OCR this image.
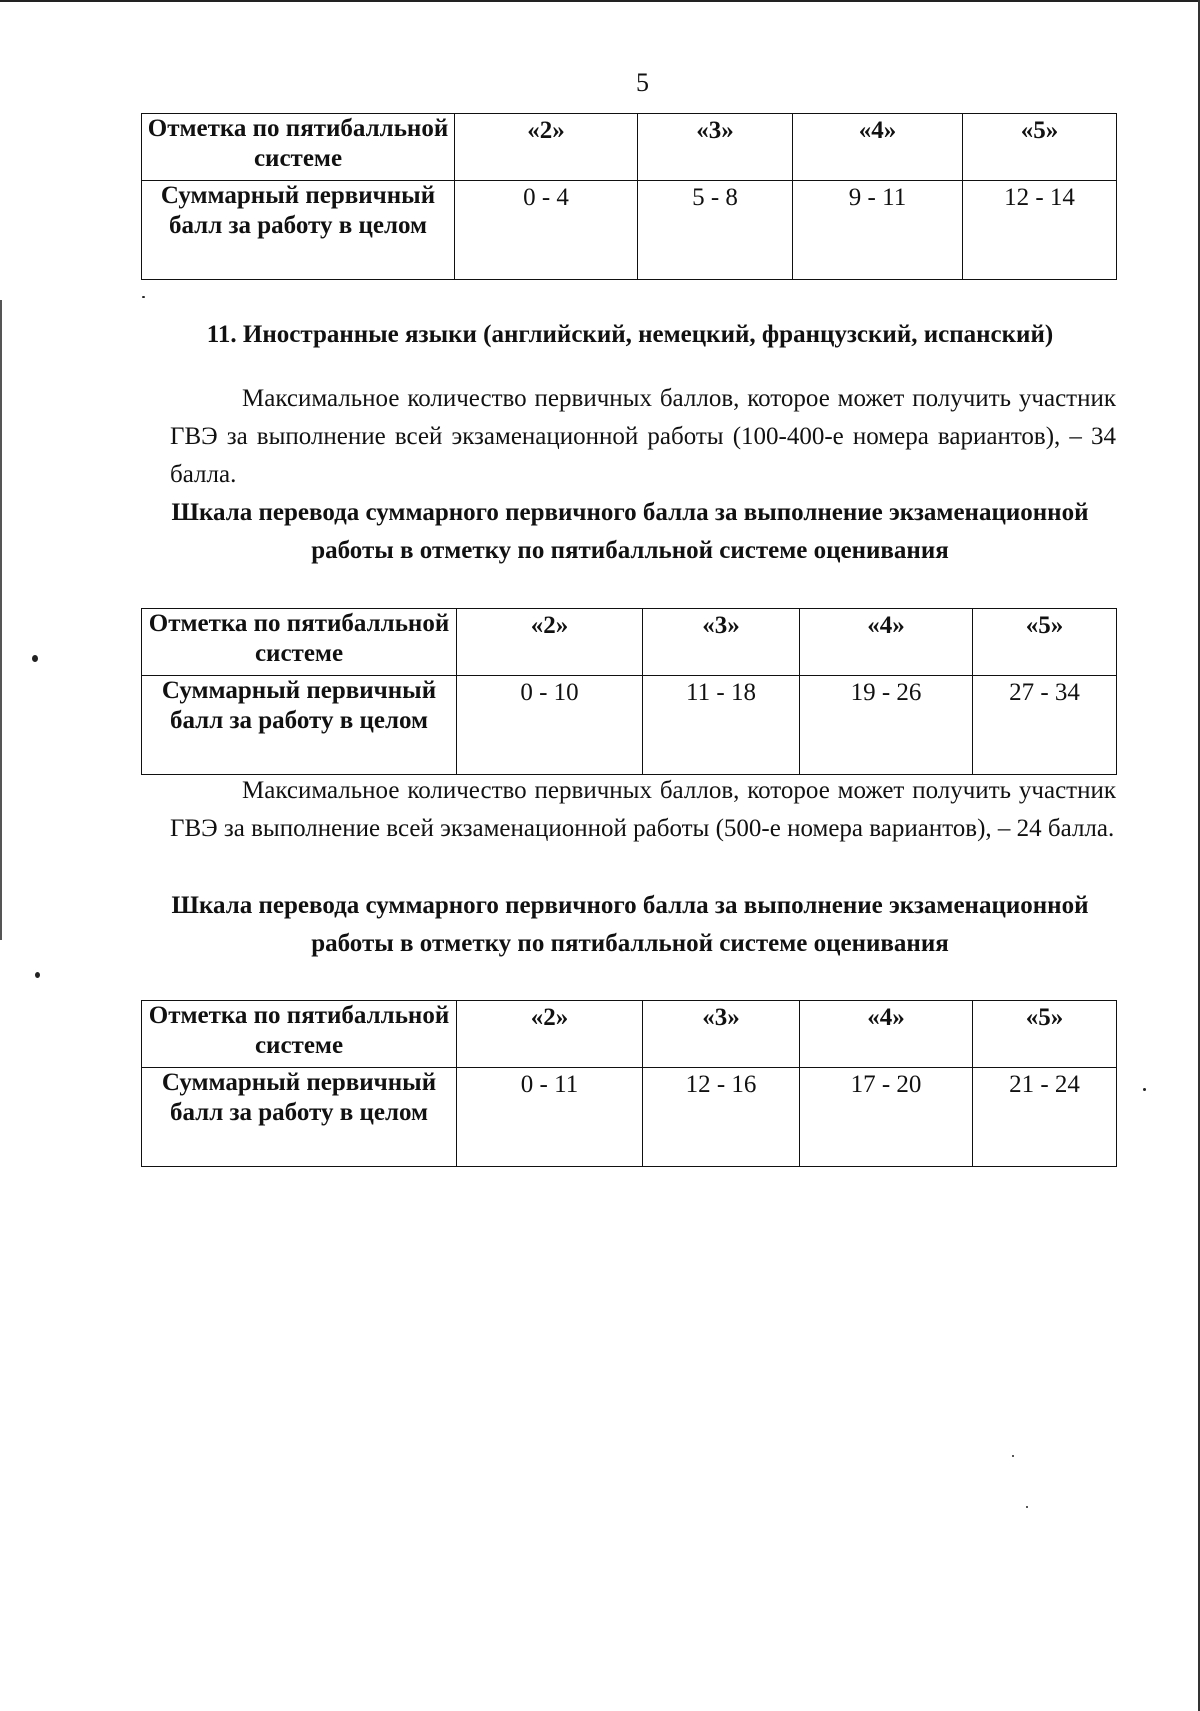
5
Отметка по пятибалльной системе	«2»	«3»	«4»	«5»
Суммарный первичный балл за работу в целом	0 - 4	5 - 8	9 - 11	12 - 14
11. Иностранные языки (английский, немецкий, французский, испанский)
Максимальное количество первичных баллов, которое может получить участник ГВЭ за выполнение всей экзаменационной работы (100-400-е номера вариантов), – 34 балла.
Шкала перевода суммарного первичного балла за выполнение экзаменационной работы в отметку по пятибалльной системе оценивания
Отметка по пятибалльной системе	«2»	«3»	«4»	«5»
Суммарный первичный балл за работу в целом	0 - 10	11 - 18	19 - 26	27 - 34
Максимальное количество первичных баллов, которое может получить участник ГВЭ за выполнение всей экзаменационной работы (500-е номера вариантов), – 24 балла.
Шкала перевода суммарного первичного балла за выполнение экзаменационной работы в отметку по пятибалльной системе оценивания
Отметка по пятибалльной системе	«2»	«3»	«4»	«5»
Суммарный первичный балл за работу в целом	0 - 11	12 - 16	17 - 20	21 - 24
